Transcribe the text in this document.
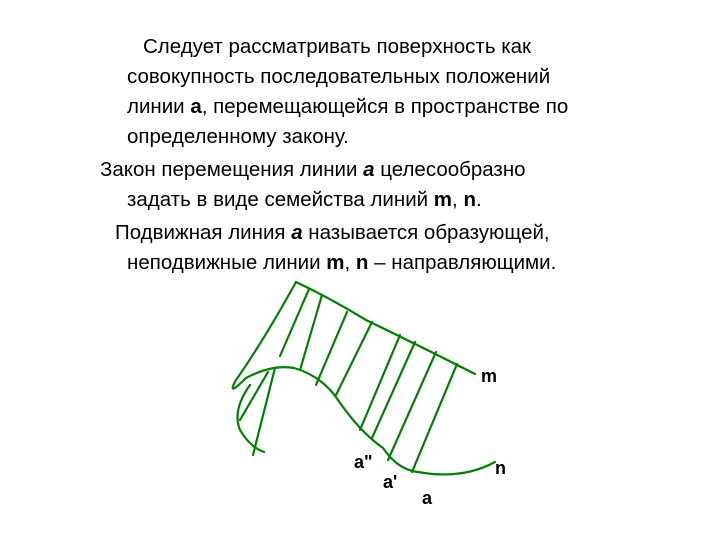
Следует рассматривать поверхность как
совокупность последовательных положений
линии а, перемещающейся в пространстве по
определенному закону.
Закон перемещения линии а целесообразно
задать в виде семейства линий m, n.
Подвижная линия а называется образующей,
неподвижные линии m, n – направляющими.
m
n
a"
a'
a
